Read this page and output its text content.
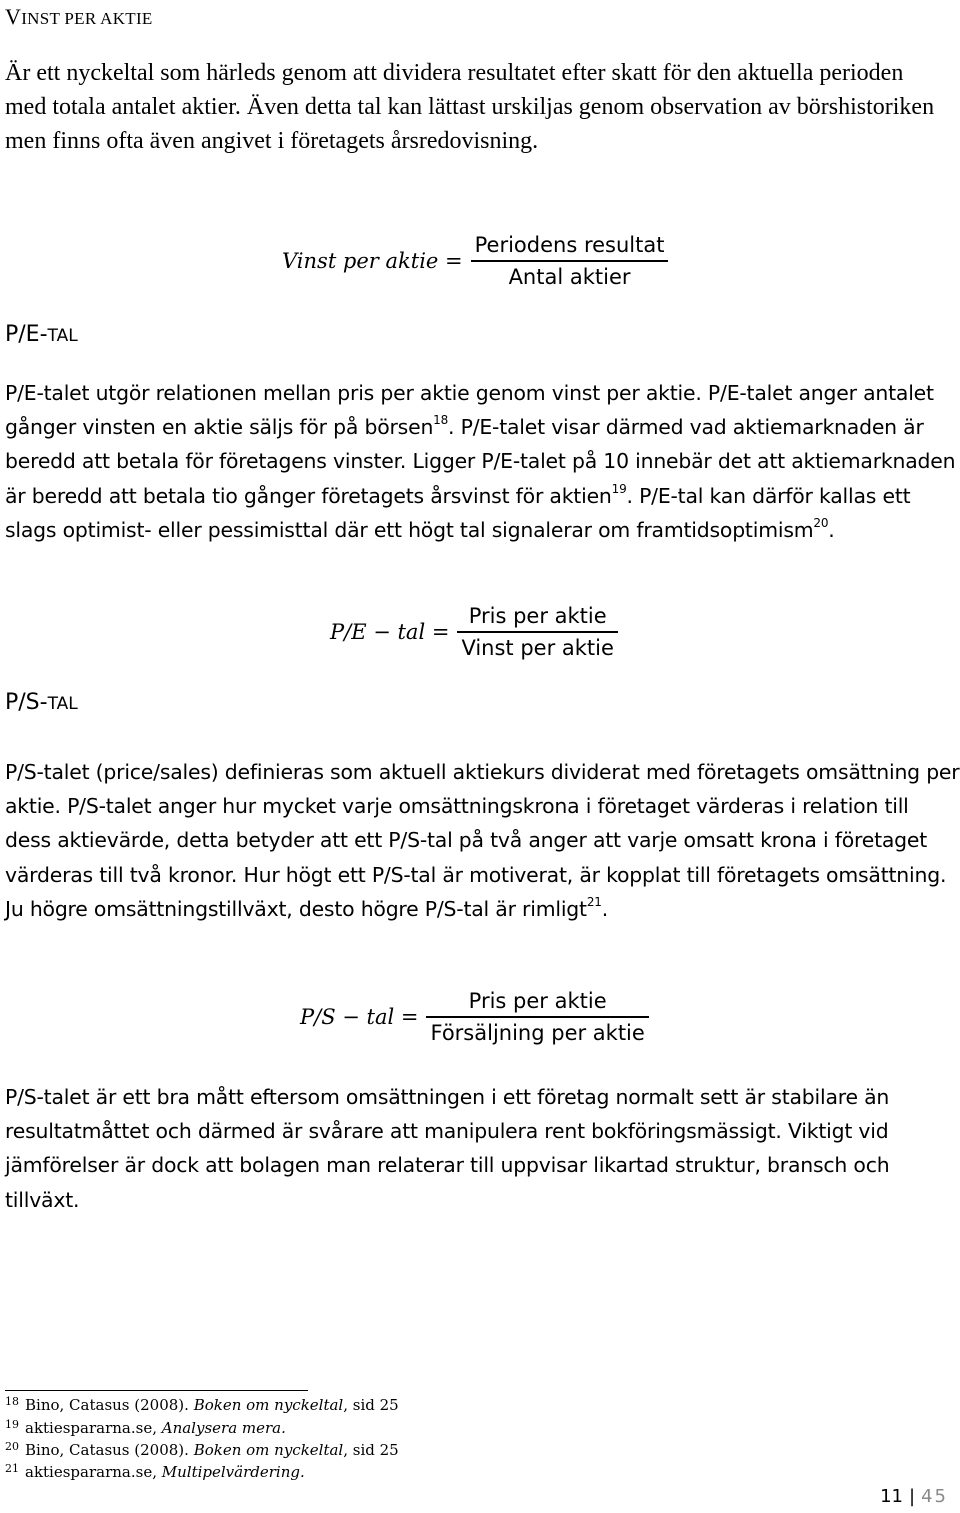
VINST PER AKTIE
Är ett nyckeltal som härleds genom att dividera resultatet efter skatt för den aktuella perioden med totala antalet aktier. Även detta tal kan lättast urskiljas genom observation av börshistoriken men finns ofta även angivet i företagets årsredovisning.
Vinst per aktie = $\frac{\text{Periodens resultat}}{\text{Antal aktier}}$
P/E-TAL
P/E-talet utgör relationen mellan pris per aktie genom vinst per aktie. P/E-talet anger antalet gånger vinsten en aktie säljs för på börsen$^{18}$. P/E-talet visar därmed vad aktiemarknaden är beredd att betala för företagens vinster. Ligger P/E-talet på 10 innebär det att aktiemarknaden är beredd att betala tio gånger företagets årsvinst för aktien$^{19}$. P/E-tal kan därför kallas ett slags optimist- eller pessimisttal där ett högt tal signalerar om framtidsoptimism$^{20}$.
P/E − tal = $\frac{\text{Pris per aktie}}{\text{Vinst per aktie}}$
P/S-TAL
P/S-talet (price/sales) definieras som aktuell aktiekurs dividerat med företagets omsättning per aktie. P/S-talet anger hur mycket varje omsättningskrona i företaget värderas i relation till dess aktievärde, detta betyder att ett P/S-tal på två anger att varje omsatt krona i företaget värderas till två kronor. Hur högt ett P/S-tal är motiverat, är kopplat till företagets omsättning. Ju högre omsättningstillväxt, desto högre P/S-tal är rimligt$^{21}$.
P/S − tal = $\frac{\text{Pris per aktie}}{\text{Försäljning per aktie}}$
P/S-talet är ett bra mått eftersom omsättningen i ett företag normalt sett är stabilare än resultatmåttet och därmed är svårare att manipulera rent bokföringsmässigt. Viktigt vid jämförelser är dock att bolagen man relaterar till uppvisar likartad struktur, bransch och tillväxt.
$^{18}$ Bino, Catasus (2008). Boken om nyckeltal, sid 25
$^{19}$ aktiespararna.se, Analysera mera.
$^{20}$ Bino, Catasus (2008). Boken om nyckeltal, sid 25
$^{21}$ aktiespararna.se, Multipelvärdering.
11 | 45
